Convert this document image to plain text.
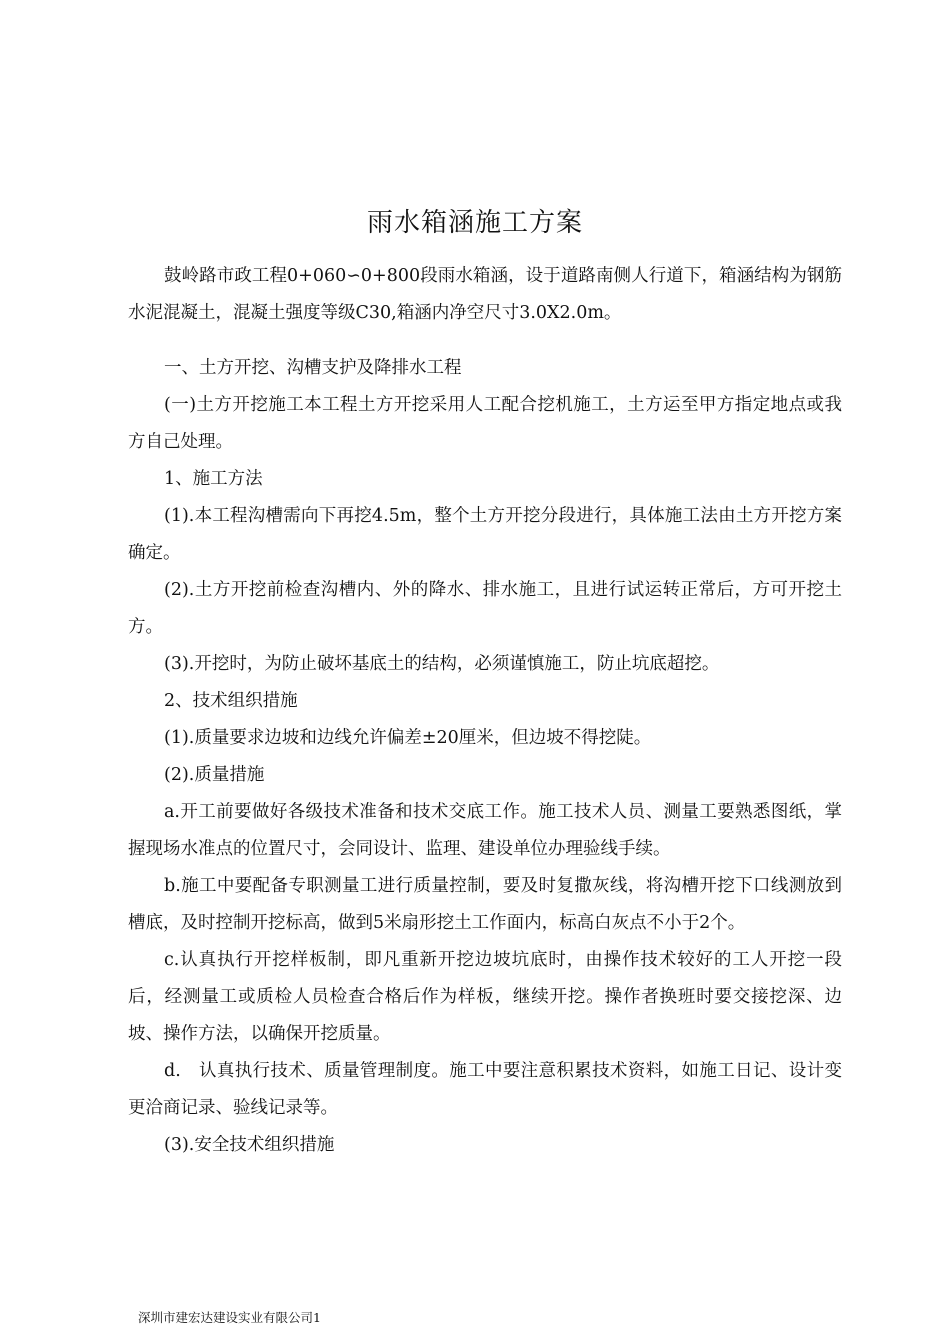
雨水箱涵施工方案

鼓岭路市政工程0+060∽0+800段雨水箱涵，设于道路南侧人行道下，箱涵结构为钢筋水泥混凝土，混凝土强度等级C30,箱涵内净空尺寸3.0X2.0m。

一、土方开挖、沟槽支护及降排水工程

(一)土方开挖施工本工程土方开挖采用人工配合挖机施工，土方运至甲方指定地点或我方自己处理。

1、施工方法

(1).本工程沟槽需向下再挖4.5m，整个土方开挖分段进行，具体施工法由土方开挖方案确定。

(2).土方开挖前检查沟槽内、外的降水、排水施工，且进行试运转正常后，方可开挖土方。

(3).开挖时，为防止破坏基底土的结构，必须谨慎施工，防止坑底超挖。

2、技术组织措施

(1).质量要求边坡和边线允许偏差±20厘米，但边坡不得挖陡。

(2).质量措施

a.开工前要做好各级技术准备和技术交底工作。施工技术人员、测量工要熟悉图纸，掌握现场水准点的位置尺寸，会同设计、监理、建设单位办理验线手续。

b.施工中要配备专职测量工进行质量控制，要及时复撒灰线，将沟槽开挖下口线测放到槽底，及时控制开挖标高，做到5米扇形挖土工作面内，标高白灰点不小于2个。

c.认真执行开挖样板制，即凡重新开挖边坡坑底时，由操作技术较好的工人开挖一段后，经测量工或质检人员检查合格后作为样板，继续开挖。操作者换班时要交接挖深、边坡、操作方法，以确保开挖质量。

d.　认真执行技术、质量管理制度。施工中要注意积累技术资料，如施工日记、设计变更洽商记录、验线记录等。

(3).安全技术组织措施

深圳市建宏达建设实业有限公司1
